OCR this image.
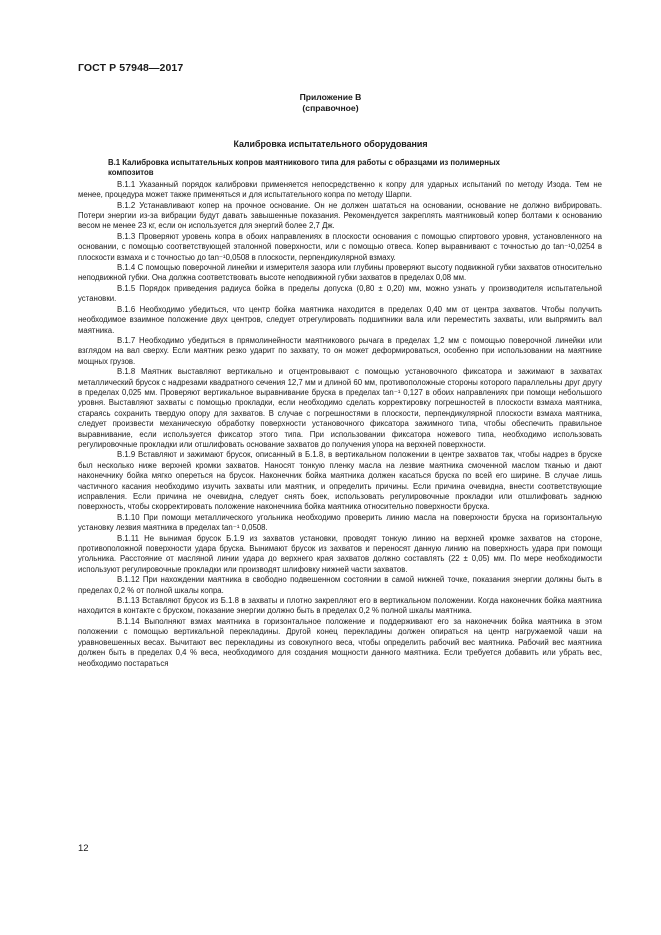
ГОСТ Р 57948—2017
Приложение В
(справочное)
Калибровка испытательного оборудования
В.1 Калибровка испытательных копров маятникового типа для работы с образцами из полимерных
композитов

В.1.1 Указанный порядок калибровки применяется непосредственно к копру для ударных испытаний по методу Изода. Тем не менее, процедура может также применяться и для испытательного копра по методу Шарпи.

В.1.2 Устанавливают копер на прочное основание. Он не должен шататься на основании, основание не должно вибрировать. Потери энергии из-за вибрации будут давать завышенные показания. Рекомендуется закреплять маятниковый копер болтами к основанию весом не менее 23 кг, если он используется для энергий более 2,7 Дж.

В.1.3 Проверяют уровень копра в обоих направлениях в плоскости основания с помощью спиртового уровня, установленного на основании, с помощью соответствующей эталонной поверхности, или с помощью отвеса. Копер выравнивают с точностью до tan⁻¹0,0254 в плоскости взмаха и с точностью до tan⁻¹0,0508 в плоскости, перпендикулярной взмаху.

В.1.4 С помощью поверочной линейки и измерителя зазора или глубины проверяют высоту подвижной губки захватов относительно неподвижной губки. Она должна соответствовать высоте неподвижной губки захватов в пределах 0,08 мм.

В.1.5 Порядок приведения радиуса бойка в пределы допуска (0,80 ± 0,20) мм, можно узнать у производителя испытательной установки.

В.1.6 Необходимо убедиться, что центр бойка маятника находится в пределах 0,40 мм от центра захватов. Чтобы получить необходимое взаимное положение двух центров, следует отрегулировать подшипники вала или переместить захваты, или выпрямить вал маятника.

В.1.7 Необходимо убедиться в прямолинейности маятникового рычага в пределах 1,2 мм с помощью поверочной линейки или взглядом на вал сверху. Если маятник резко ударит по захвату, то он может деформироваться, особенно при использовании на маятнике мощных грузов.

В.1.8 Маятник выставляют вертикально и отцентровывают с помощью установочного фиксатора и зажимают в захватах металлический брусок с надрезами квадратного сечения 12,7 мм и длиной 60 мм, противоположные стороны которого параллельны друг другу в пределах 0,025 мм. Проверяют вертикальное выравнивание бруска в пределах tan⁻¹ 0,127 в обоих направлениях при помощи небольшого уровня. Выставляют захваты с помощью прокладки, если необходимо сделать корректировку погрешностей в плоскости взмаха маятника, стараясь сохранить твердую опору для захватов. В случае с погрешностями в плоскости, перпендикулярной плоскости взмаха маятника, следует произвести механическую обработку поверхности установочного фиксатора зажимного типа, чтобы обеспечить правильное выравнивание, если используется фиксатор этого типа. При использовании фиксатора ножевого типа, необходимо использовать регулировочные прокладки или отшлифовать основание захватов до получения упора на верхней поверхности.

В.1.9 Вставляют и зажимают брусок, описанный в Б.1.8, в вертикальном положении в центре захватов так, чтобы надрез в бруске был несколько ниже верхней кромки захватов. Наносят тонкую пленку масла на лезвие маятника смоченной маслом тканью и дают наконечнику бойка мягко опереться на брусок. Наконечник бойка маятника должен касаться бруска по всей его ширине. В случае лишь частичного касания необходимо изучить захваты или маятник, и определить причины. Если причина очевидна, внести соответствующие исправления. Если причина не очевидна, следует снять боек, использовать регулировочные прокладки или отшлифовать заднюю поверхность, чтобы скорректировать положение наконечника бойка маятника относительно поверхности бруска.

В.1.10 При помощи металлического угольника необходимо проверить линию масла на поверхности бруска на горизонтальную установку лезвия маятника в пределах tan⁻¹ 0,0508.

В.1.11 Не вынимая брусок Б.1.9 из захватов установки, проводят тонкую линию на верхней кромке захватов на стороне, противоположной поверхности удара бруска. Вынимают брусок из захватов и переносят данную линию на поверхность удара при помощи угольника. Расстояние от масляной линии удара до верхнего края захватов должно составлять (22 ± 0,05) мм. По мере необходимости используют регулировочные прокладки или производят шлифовку нижней части захватов.

В.1.12 При нахождении маятника в свободно подвешенном состоянии в самой нижней точке, показания энергии должны быть в пределах 0,2 % от полной шкалы копра.

В.1.13 Вставляют брусок из Б.1.8 в захваты и плотно закрепляют его в вертикальном положении. Когда наконечник бойка маятника находится в контакте с бруском, показание энергии должно быть в пределах 0,2 % полной шкалы маятника.

В.1.14 Выполняют взмах маятника в горизонтальное положение и поддерживают его за наконечник бойка маятника в этом положении с помощью вертикальной перекладины. Другой конец перекладины должен опираться на центр нагружаемой чаши на уравновешенных весах. Вычитают вес перекладины из совокупного веса, чтобы определить рабочий вес маятника. Рабочий вес маятника должен быть в пределах 0,4 % веса, необходимого для создания мощности данного маятника. Если требуется добавить или убрать вес, необходимо постараться

12
